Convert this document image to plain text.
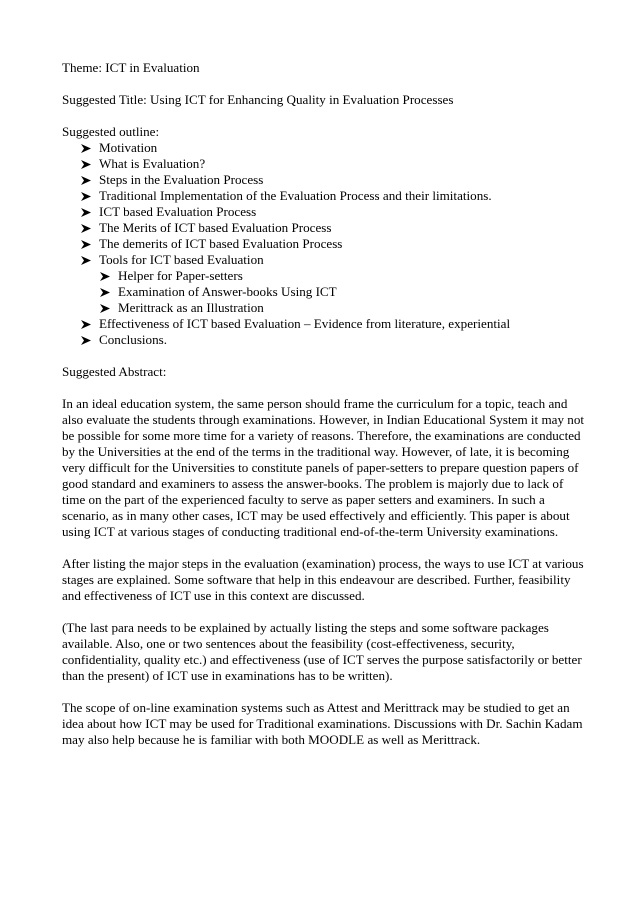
Theme: ICT in Evaluation

Suggested Title: Using ICT for Enhancing Quality in Evaluation Processes

Suggested outline:

Motivation
What is Evaluation?
Steps in the Evaluation Process
Traditional Implementation of the Evaluation Process and their limitations.
ICT based Evaluation Process
The Merits of ICT based Evaluation Process
The demerits of ICT based Evaluation Process
Tools for ICT based Evaluation
Helper for Paper-setters
Examination of Answer-books Using ICT
Merittrack as an Illustration
Effectiveness of ICT based Evaluation – Evidence from literature, experiential
Conclusions.

Suggested Abstract:

In an ideal education system, the same person should frame the curriculum for a topic, teach and

also evaluate the students through examinations. However, in Indian Educational System it may not

be possible for some more time for a variety of reasons. Therefore, the examinations are conducted

by the Universities at the end of the terms in the traditional way. However, of late, it is becoming

very difficult for the Universities to constitute panels of paper-setters to prepare question papers of

good standard and examiners to assess the answer-books. The problem is majorly due to lack of

time on the part of the experienced faculty to serve as paper setters and examiners. In such a

scenario, as in many other cases, ICT may be used effectively and efficiently. This paper is about

using ICT at various stages of conducting traditional end-of-the-term University examinations.

After listing the major steps in the evaluation (examination) process, the ways to use ICT at various

stages are explained. Some software that help in this endeavour are described. Further, feasibility

and effectiveness of ICT use in this context are discussed.

(The last para needs to be explained by actually listing the steps and some software packages

available. Also, one or two sentences about the feasibility (cost-effectiveness, security,

confidentiality, quality etc.) and effectiveness (use of ICT serves the purpose satisfactorily or better

than the present) of ICT use in examinations has to be written).

The scope of on-line examination systems such as Attest and Merittrack may be studied to get an

idea about how ICT may be used for Traditional examinations. Discussions with Dr. Sachin Kadam

may also help because he is familiar with both MOODLE as well as Merittrack.
